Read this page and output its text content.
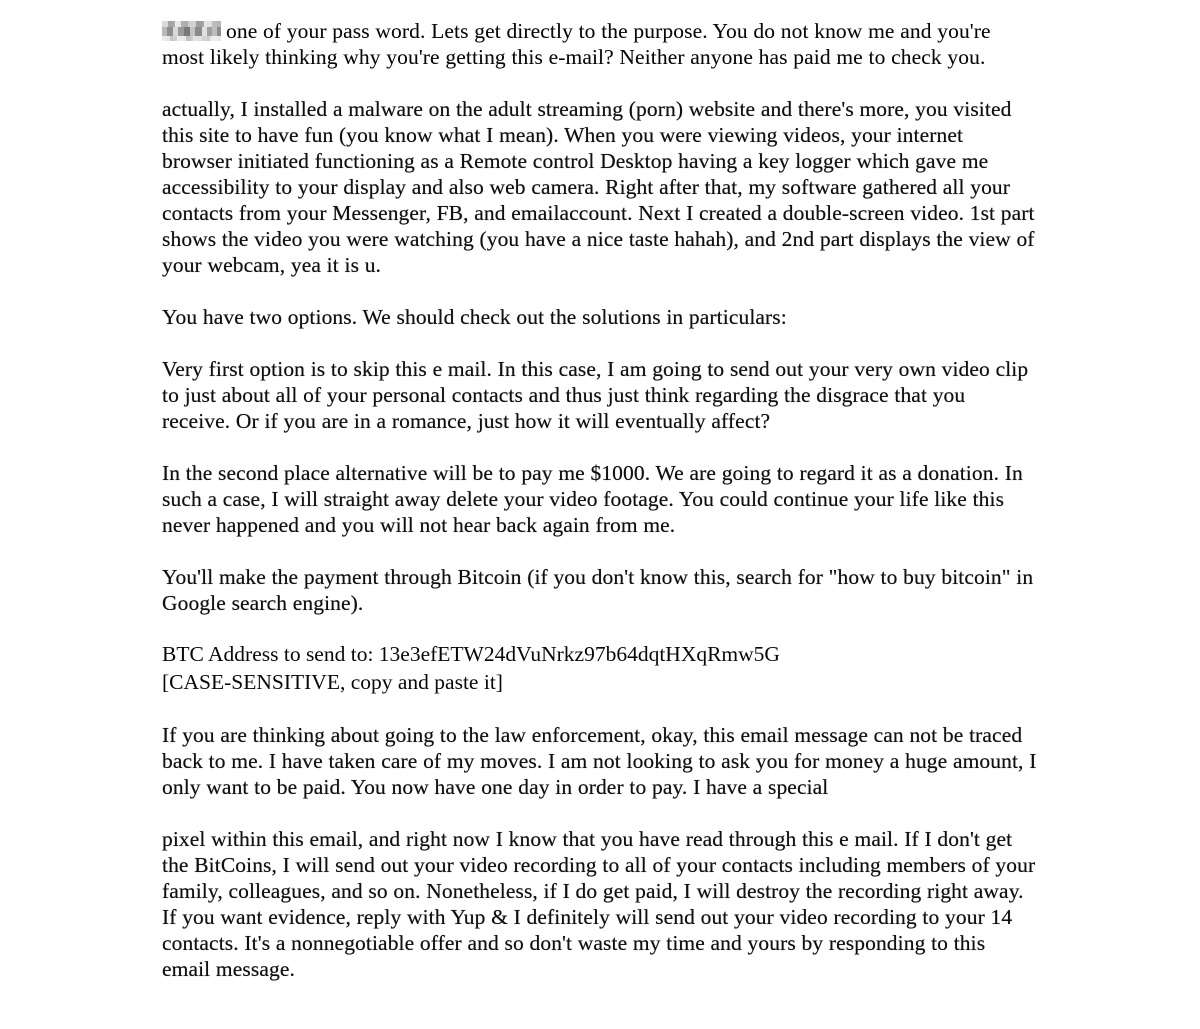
one of your pass word. Lets get directly to the purpose. You do not know me and you're most likely thinking why you're getting this e-mail? Neither anyone has paid me to check you.

actually, I installed a malware on the adult streaming (porn) website and there's more, you visited this site to have fun (you know what I mean). When you were viewing videos, your internet browser initiated functioning as a Remote control Desktop having a key logger which gave me accessibility to your display and also web camera. Right after that, my software gathered all your contacts from your Messenger, FB, and emailaccount. Next I created a double-screen video. 1st part shows the video you were watching (you have a nice taste hahah), and 2nd part displays the view of your webcam, yea it is u.

You have two options. We should check out the solutions in particulars:

Very first option is to skip this e mail. In this case, I am going to send out your very own video clip to just about all of your personal contacts and thus just think regarding the disgrace that you receive. Or if you are in a romance, just how it will eventually affect?

In the second place alternative will be to pay me $1000. We are going to regard it as a donation. In such a case, I will straight away delete your video footage. You could continue your life like this never happened and you will not hear back again from me.

You'll make the payment through Bitcoin (if you don't know this, search for "how to buy bitcoin" in Google search engine).

BTC Address to send to: 13e3efETW24dVuNrkz97b64dqtHXqRmw5G
[CASE-SENSITIVE, copy and paste it]

If you are thinking about going to the law enforcement, okay, this email message can not be traced back to me. I have taken care of my moves. I am not looking to ask you for money a huge amount, I only want to be paid. You now have one day in order to pay. I have a special

pixel within this email, and right now I know that you have read through this e mail. If I don't get the BitCoins, I will send out your video recording to all of your contacts including members of your family, colleagues, and so on. Nonetheless, if I do get paid, I will destroy the recording right away. If you want evidence, reply with Yup & I definitely will send out your video recording to your 14 contacts. It's a nonnegotiable offer and so don't waste my time and yours by responding to this email message.
